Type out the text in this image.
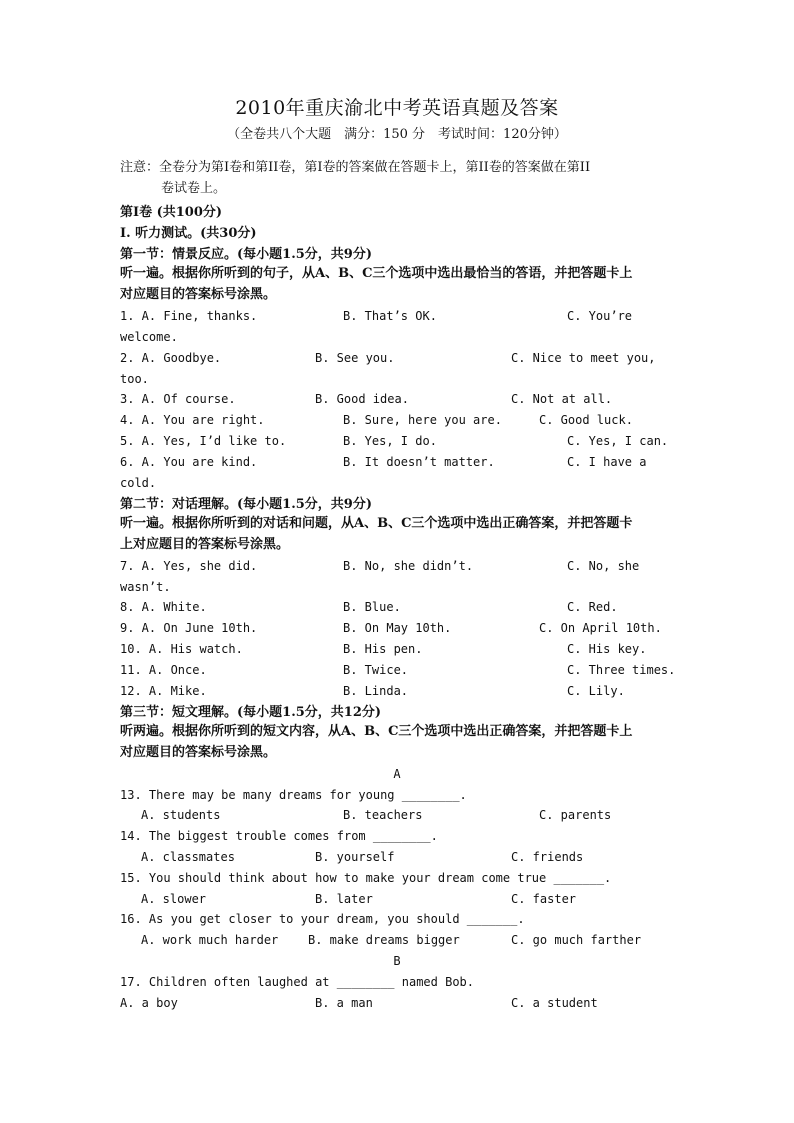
2010年重庆渝北中考英语真题及答案
（全卷共八个大题　满分：150 分　考试时间：120分钟）
注意：全卷分为第Ⅰ卷和第II卷，第Ⅰ卷的答案做在答题卡上，第II卷的答案做在第II
卷试卷上。
第Ⅰ卷 (共100分)
I. 听力测试。(共30分)
第一节：情景反应。(每小题1.5分，共9分)
听一遍。根据你所听到的句子，从A、B、C三个选项中选出最恰当的答语，并把答题卡上
对应题目的答案标号涂黑。
1. A. Fine, thanks.	B. That’s OK.	C. You’re
welcome.
2. A. Goodbye.	B. See you.	C. Nice to meet you,
too.
3. A. Of course.	B. Good idea.	C. Not at all.
4. A. You are right.	B. Sure, here you are.	C. Good luck.
5. A. Yes, I’d like to.	B. Yes, I do.	C. Yes, I can.
6. A. You are kind.	B. It doesn’t matter.	C. I have a
cold.
第二节：对话理解。(每小题1.5分，共9分)
听一遍。根据你所听到的对话和问题，从A、B、C三个选项中选出正确答案，并把答题卡
上对应题目的答案标号涂黑。
7. A. Yes, she did.	B. No, she didn’t.	C. No, she
wasn’t.
8. A. White.	B. Blue.	C. Red.
9. A. On June 10th.	B. On May 10th.	C. On April 10th.
10. A. His watch.	B. His pen.	C. His key.
11. A. Once.	B. Twice.	C. Three times.
12. A. Mike.	B. Linda.	C. Lily.
第三节：短文理解。(每小题1.5分，共12分)
听两遍。根据你所听到的短文内容，从A、B、C三个选项中选出正确答案，并把答题卡上
对应题目的答案标号涂黑。
A
13. There may be many dreams for young ________.
A. students	B. teachers	C. parents
14. The biggest trouble comes from ________.
A. classmates	B. yourself	C. friends
15. You should think about how to make your dream come true _______.
A. slower	B. later	C. faster
16. As you get closer to your dream, you should _______.
A. work much harder B. make dreams bigger	C. go much farther
B
17. Children often laughed at ________ named Bob.
A. a boy	B. a man	C. a student
